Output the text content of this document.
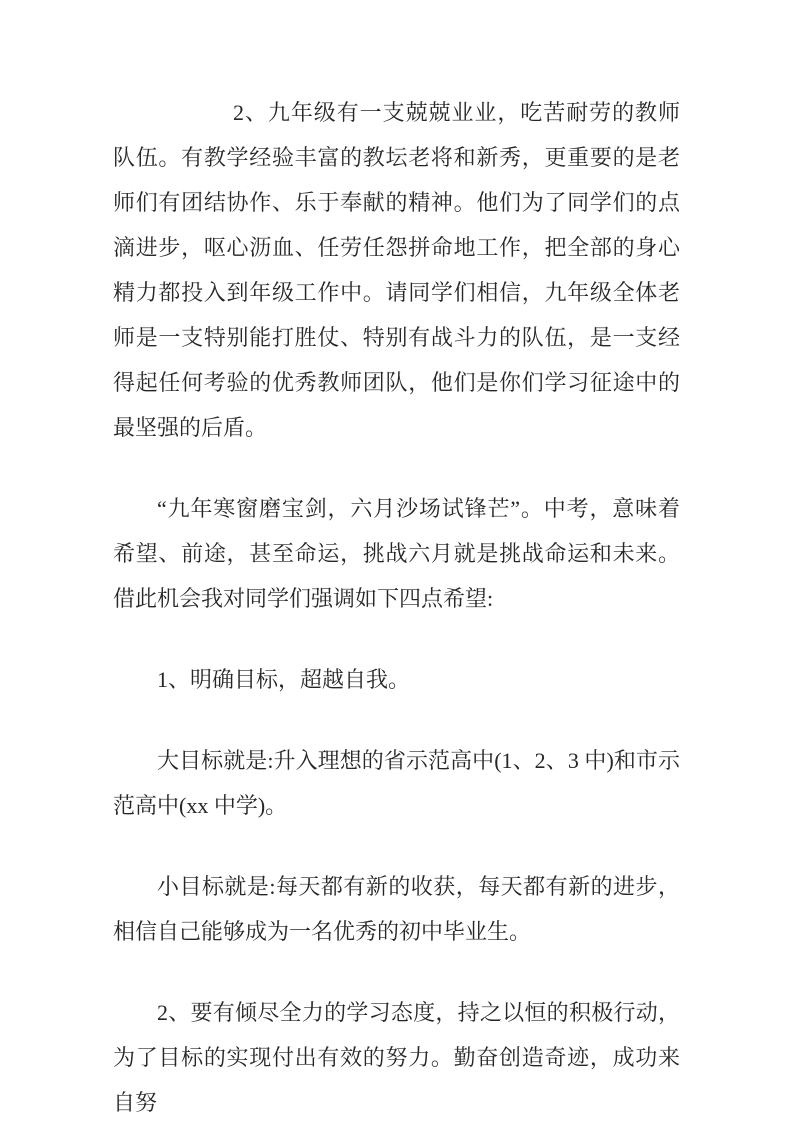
2、九年级有一支兢兢业业，吃苦耐劳的教师队伍。有教学经验丰富的教坛老将和新秀，更重要的是老师们有团结协作、乐于奉献的精神。他们为了同学们的点滴进步，呕心沥血、任劳任怨拼命地工作，把全部的身心精力都投入到年级工作中。请同学们相信，九年级全体老师是一支特别能打胜仗、特别有战斗力的队伍，是一支经得起任何考验的优秀教师团队，他们是你们学习征途中的最坚强的后盾。

“九年寒窗磨宝剑，六月沙场试锋芒”。中考，意味着希望、前途，甚至命运，挑战六月就是挑战命运和未来。借此机会我对同学们强调如下四点希望:

1、明确目标，超越自我。

大目标就是:升入理想的省示范高中(1、2、3 中)和市示范高中(xx 中学)。

小目标就是:每天都有新的收获，每天都有新的进步，相信自己能够成为一名优秀的初中毕业生。

2、要有倾尽全力的学习态度，持之以恒的积极行动，为了目标的实现付出有效的努力。勤奋创造奇迹，成功来自努
